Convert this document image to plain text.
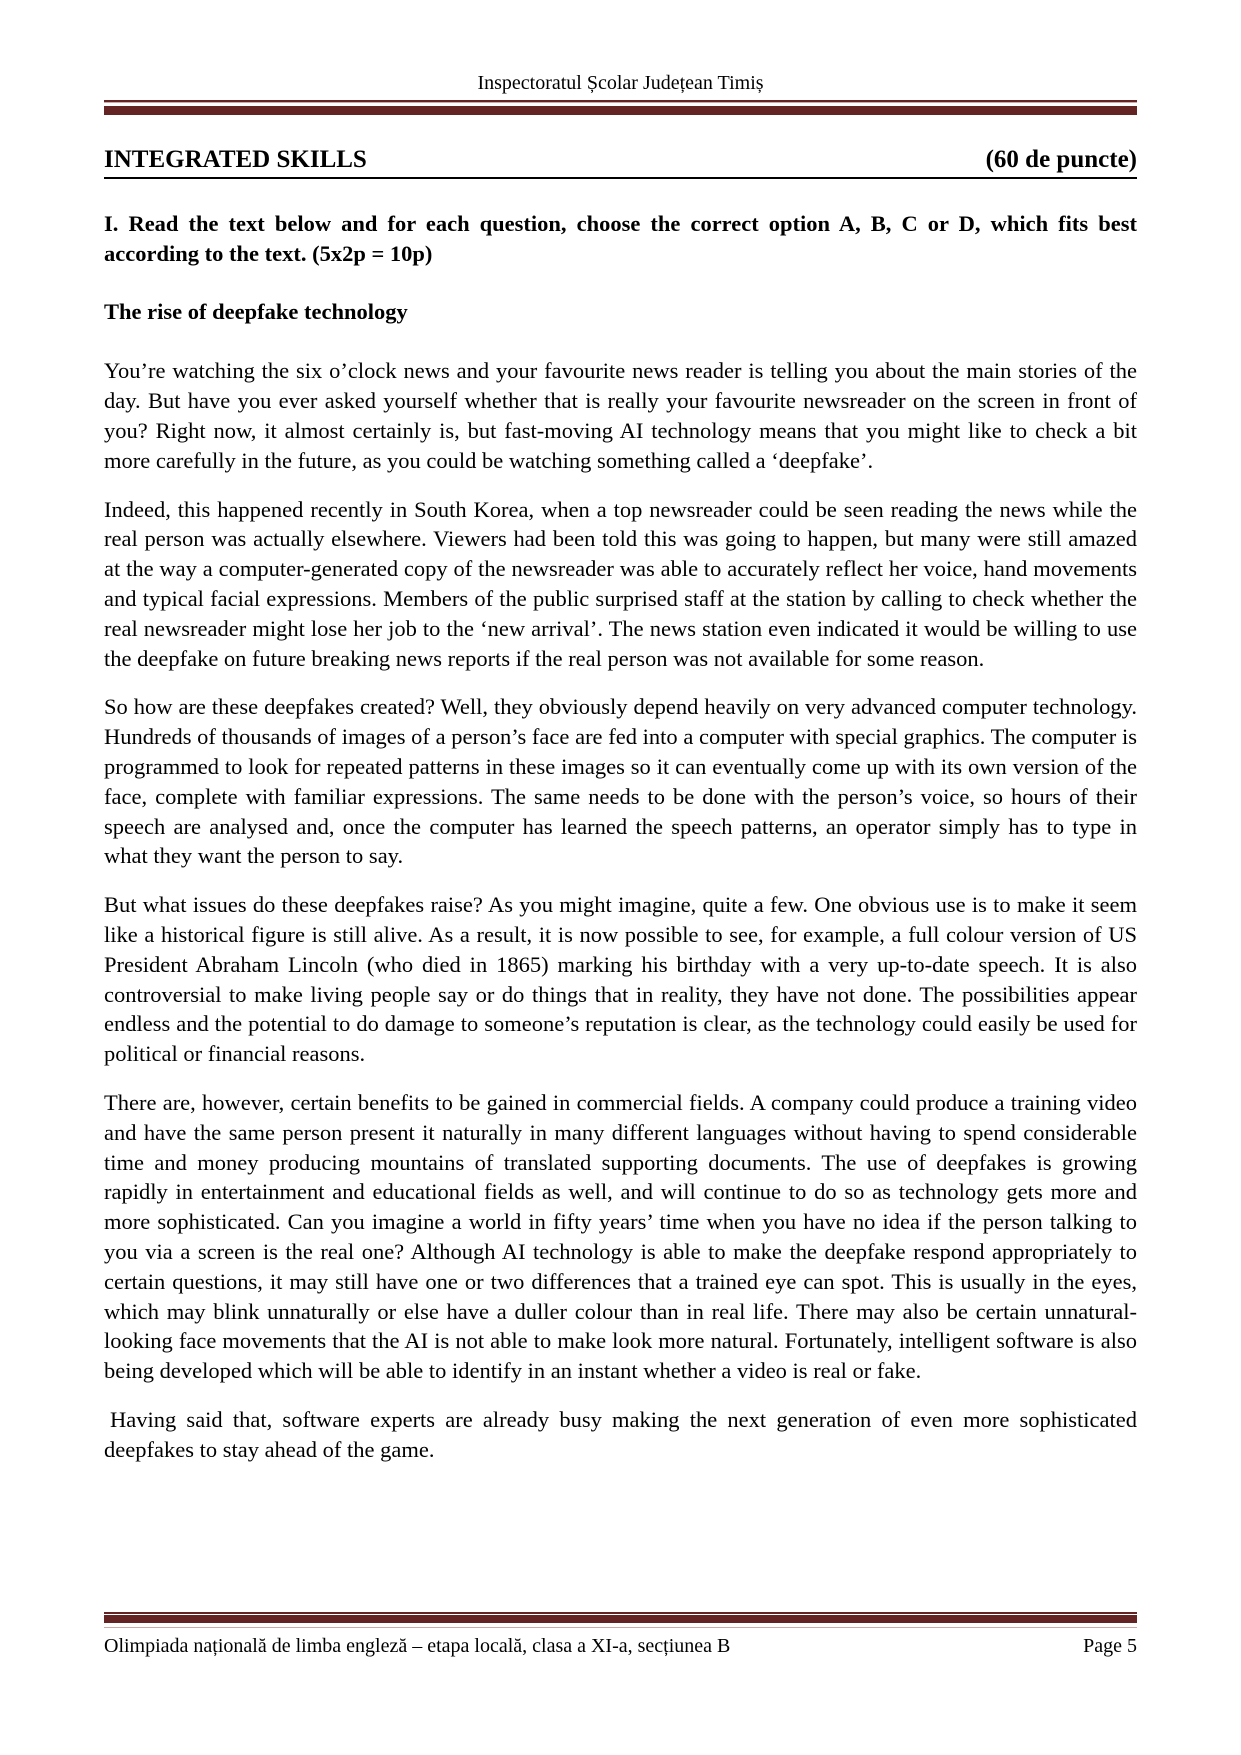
Inspectoratul Școlar Județean Timiș
INTEGRATED SKILLS	(60 de puncte)

I. Read the text below and for each question, choose the correct option A, B, C or D, which fits best according to the text. (5x2p = 10p)

The rise of deepfake technology

You’re watching the six o’clock news and your favourite news reader is telling you about the main stories of the day. But have you ever asked yourself whether that is really your favourite newsreader on the screen in front of you? Right now, it almost certainly is, but fast-moving AI technology means that you might like to check a bit more carefully in the future, as you could be watching something called a ‘deepfake’.

Indeed, this happened recently in South Korea, when a top newsreader could be seen reading the news while the real person was actually elsewhere. Viewers had been told this was going to happen, but many were still amazed at the way a computer-generated copy of the newsreader was able to accurately reflect her voice, hand movements and typical facial expressions. Members of the public surprised staff at the station by calling to check whether the real newsreader might lose her job to the ‘new arrival’. The news station even indicated it would be willing to use the deepfake on future breaking news reports if the real person was not available for some reason.

So how are these deepfakes created? Well, they obviously depend heavily on very advanced computer technology. Hundreds of thousands of images of a person’s face are fed into a computer with special graphics. The computer is programmed to look for repeated patterns in these images so it can eventually come up with its own version of the face, complete with familiar expressions. The same needs to be done with the person’s voice, so hours of their speech are analysed and, once the computer has learned the speech patterns, an operator simply has to type in what they want the person to say.

But what issues do these deepfakes raise? As you might imagine, quite a few. One obvious use is to make it seem like a historical figure is still alive. As a result, it is now possible to see, for example, a full colour version of US President Abraham Lincoln (who died in 1865) marking his birthday with a very up-to-date speech. It is also controversial to make living people say or do things that in reality, they have not done. The possibilities appear endless and the potential to do damage to someone’s reputation is clear, as the technology could easily be used for political or financial reasons.

There are, however, certain benefits to be gained in commercial fields. A company could produce a training video and have the same person present it naturally in many different languages without having to spend considerable time and money producing mountains of translated supporting documents. The use of deepfakes is growing rapidly in entertainment and educational fields as well, and will continue to do so as technology gets more and more sophisticated. Can you imagine a world in fifty years’ time when you have no idea if the person talking to you via a screen is the real one? Although AI technology is able to make the deepfake respond appropriately to certain questions, it may still have one or two differences that a trained eye can spot. This is usually in the eyes, which may blink unnaturally or else have a duller colour than in real life. There may also be certain unnatural-looking face movements that the AI is not able to make look more natural. Fortunately, intelligent software is also being developed which will be able to identify in an instant whether a video is real or fake.

Having said that, software experts are already busy making the next generation of even more sophisticated deepfakes to stay ahead of the game.

Olimpiada națională de limba engleză – etapa locală, clasa a XI-a, secțiunea B	Page 5
